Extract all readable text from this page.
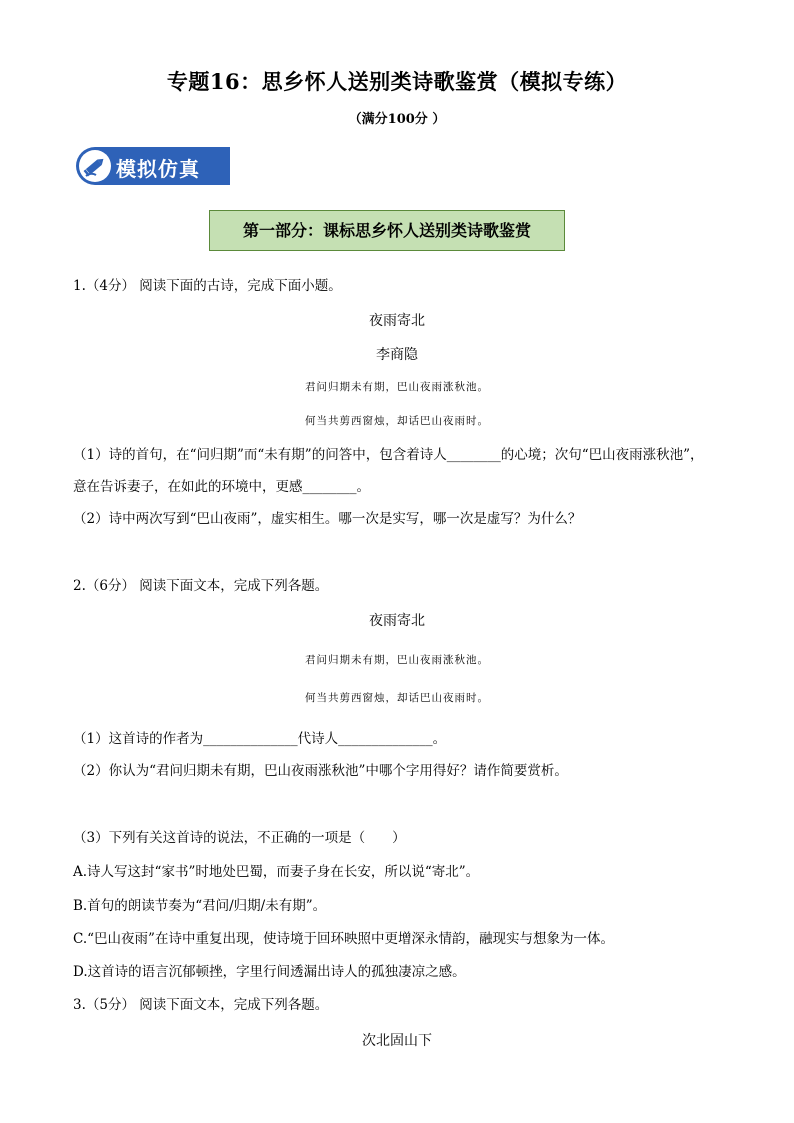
专题16：思乡怀人送别类诗歌鉴赏（模拟专练）
（满分100分 ）
模拟仿真
第一部分：课标思乡怀人送别类诗歌鉴赏
1.（4分） 阅读下面的古诗，完成下面小题。
夜雨寄北
李商隐
君问归期未有期，巴山夜雨涨秋池。
何当共剪西窗烛，却话巴山夜雨时。
（1）诗的首句，在“问归期”而“未有期”的问答中，包含着诗人________的心境；次句“巴山夜雨涨秋池”，
意在告诉妻子，在如此的环境中，更感________。
（2）诗中两次写到“巴山夜雨”，虚实相生。哪一次是实写，哪一次是虚写？为什么？
2.（6分） 阅读下面文本，完成下列各题。
夜雨寄北
君问归期未有期，巴山夜雨涨秋池。
何当共剪西窗烛，却话巴山夜雨时。
（1）这首诗的作者为______________代诗人______________。
（2）你认为“君问归期未有期，巴山夜雨涨秋池”中哪个字用得好？请作简要赏析。
（3）下列有关这首诗的说法，不正确的一项是（　　）
A.诗人写这封“家书”时地处巴蜀，而妻子身在长安，所以说“寄北”。
B.首句的朗读节奏为“君问/归期/未有期”。
C.“巴山夜雨”在诗中重复出现，使诗境于回环映照中更增深永情韵，融现实与想象为一体。
D.这首诗的语言沉郁顿挫，字里行间透漏出诗人的孤独凄凉之感。
3.（5分） 阅读下面文本，完成下列各题。
次北固山下
